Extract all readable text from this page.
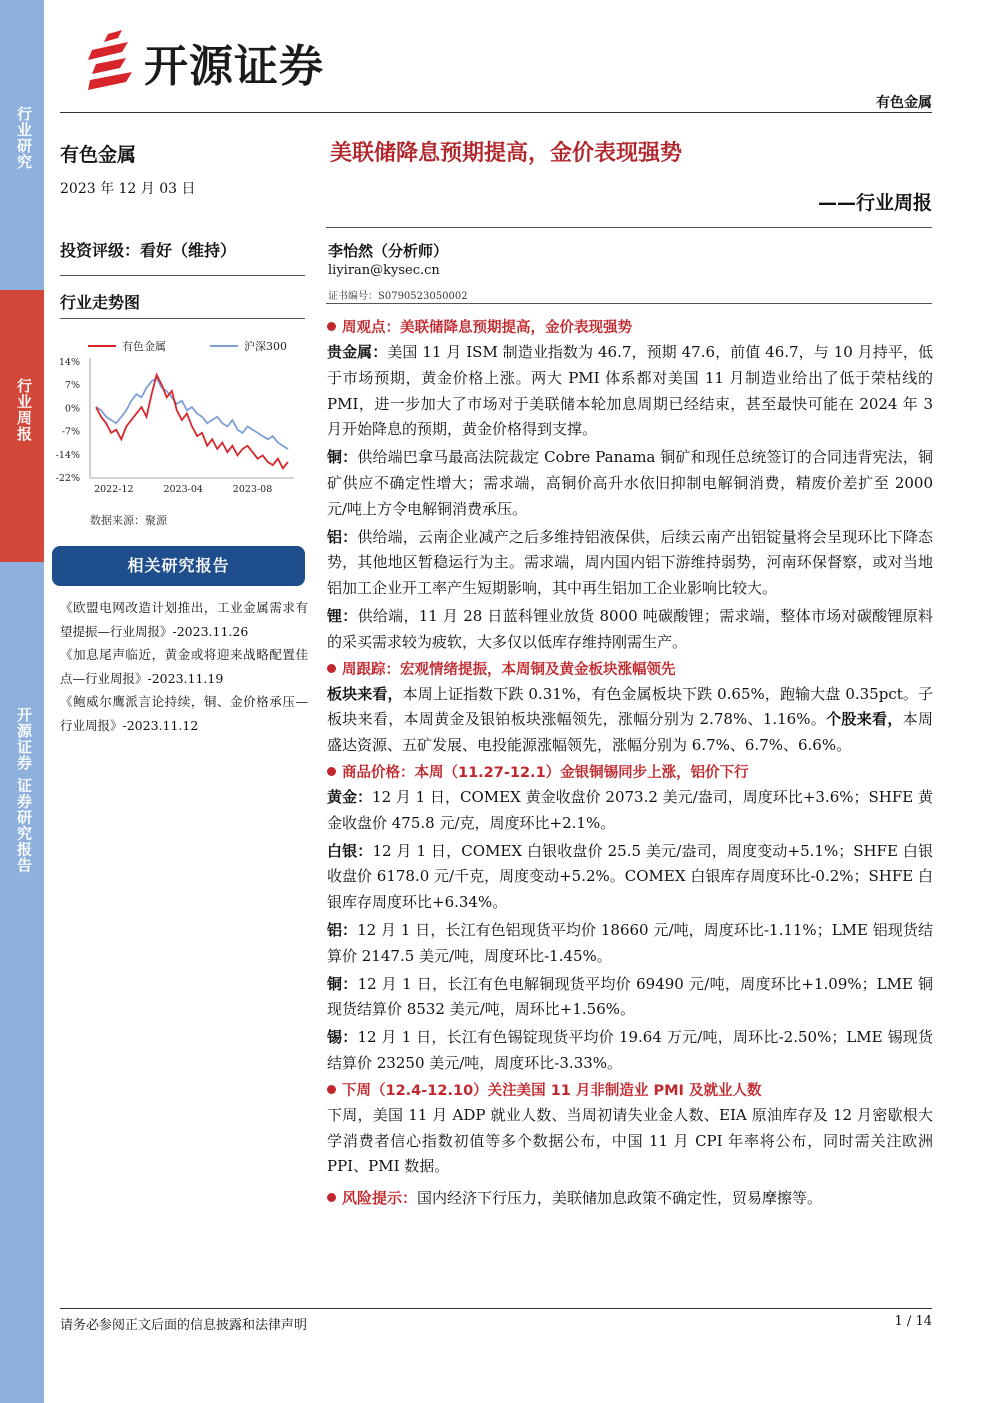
行业研究
行业周报
开源证券 证券研究报告
开源证券
有色金属
有色金属
2023 年 12 月 03 日
美联储降息预期提高，金价表现强势
——行业周报
投资评级：看好（维持）
行业走势图
李怡然（分析师）
liyiran@kysec.cn
证书编号：S0790523050002
有色金属	沪深300
14%
7%
0%
-7%
-14%
-22%
2022-12	2023-04	2023-08
数据来源：聚源
相关研究报告
《欧盟电网改造计划推出，工业金属需求有望提振—行业周报》-2023.11.26
《加息尾声临近，黄金或将迎来战略配置佳点—行业周报》-2023.11.19
《鲍威尔鹰派言论持续，铜、金价格承压—行业周报》-2023.11.12
周观点：美联储降息预期提高，金价表现强势
贵金属：美国 11 月 ISM 制造业指数为 46.7，预期 47.6，前值 46.7，与 10 月持平，低于市场预期，黄金价格上涨。两大 PMI 体系都对美国 11 月制造业给出了低于荣枯线的 PMI，进一步加大了市场对于美联储本轮加息周期已经结束，甚至最快可能在 2024 年 3 月开始降息的预期，黄金价格得到支撑。
铜：供给端巴拿马最高法院裁定 Cobre Panama 铜矿和现任总统签订的合同违背宪法，铜矿供应不确定性增大；需求端，高铜价高升水依旧抑制电解铜消费，精废价差扩至 2000 元/吨上方令电解铜消费承压。
铝：供给端，云南企业减产之后多维持铝液保供，后续云南产出铝锭量将会呈现环比下降态势，其他地区暂稳运行为主。需求端，周内国内铝下游维持弱势，河南环保督察，或对当地铝加工企业开工率产生短期影响，其中再生铝加工企业影响比较大。
锂：供给端，11 月 28 日蓝科锂业放货 8000 吨碳酸锂；需求端，整体市场对碳酸锂原料的采买需求较为疲软，大多仅以低库存维持刚需生产。
周跟踪：宏观情绪提振，本周铜及黄金板块涨幅领先
板块来看，本周上证指数下跌 0.31%，有色金属板块下跌 0.65%，跑输大盘 0.35pct。子板块来看，本周黄金及银铂板块涨幅领先，涨幅分别为 2.78%、1.16%。个股来看，本周盛达资源、五矿发展、电投能源涨幅领先，涨幅分别为 6.7%、6.7%、6.6%。
商品价格：本周（11.27-12.1）金银铜锡同步上涨，铝价下行
黄金：12 月 1 日，COMEX 黄金收盘价 2073.2 美元/盎司，周度环比+3.6%；SHFE 黄金收盘价 475.8 元/克，周度环比+2.1%。
白银：12 月 1 日，COMEX 白银收盘价 25.5 美元/盎司，周度变动+5.1%；SHFE 白银收盘价 6178.0 元/千克，周度变动+5.2%。COMEX 白银库存周度环比-0.2%；SHFE 白银库存周度环比+6.34%。
铝：12 月 1 日，长江有色铝现货平均价 18660 元/吨，周度环比-1.11%；LME 铝现货结算价 2147.5 美元/吨，周度环比-1.45%。
铜：12 月 1 日，长江有色电解铜现货平均价 69490 元/吨，周度环比+1.09%；LME 铜现货结算价 8532 美元/吨，周环比+1.56%。
锡：12 月 1 日，长江有色锡锭现货平均价 19.64 万元/吨，周环比-2.50%；LME 锡现货结算价 23250 美元/吨，周度环比-3.33%。
下周（12.4-12.10）关注美国 11 月非制造业 PMI 及就业人数
下周，美国 11 月 ADP 就业人数、当周初请失业金人数、EIA 原油库存及 12 月密歇根大学消费者信心指数初值等多个数据公布，中国 11 月 CPI 年率将公布，同时需关注欧洲 PPI、PMI 数据。
风险提示：国内经济下行压力，美联储加息政策不确定性，贸易摩擦等。
请务必参阅正文后面的信息披露和法律声明	1 / 14
